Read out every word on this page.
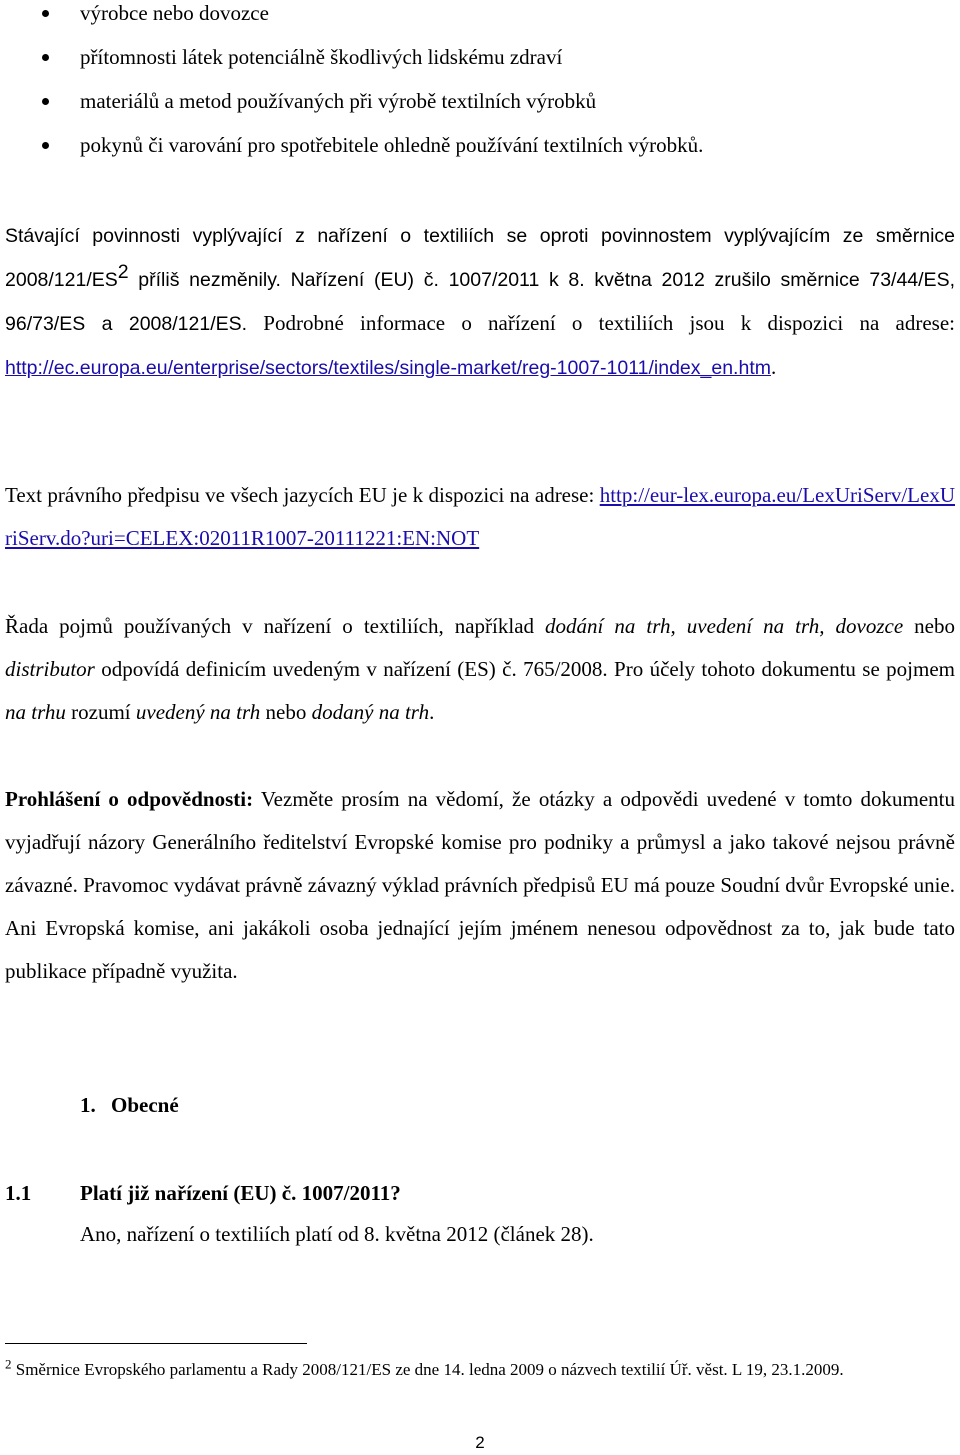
výrobce nebo dovozce
přítomnosti látek potenciálně škodlivých lidskému zdraví
materiálů a metod používaných při výrobě textilních výrobků
pokynů či varování pro spotřebitele ohledně používání textilních výrobků.

Stávající povinnosti vyplývající z nařízení o textiliích se oproti povinnostem vyplývajícím ze směrnice $2008/121/ES^2$ příliš nezměnily. Nařízení (EU) č. 1007/2011 k 8. května 2012 zrušilo směrnice 73/44/ES, 96/73/ES a 2008/121/ES. Podrobné informace o nařízení o textiliích jsou k dispozici na adrese: http://ec.europa.eu/enterprise/sectors/textiles/single-market/reg-1007-1011/index_en.htm.

Text právního předpisu ve všech jazycích EU je k dispozici na adrese: http://eur-lex.europa.eu/LexUriServ/LexUriServ.do?uri=CELEX:02011R1007-20111221:EN:NOT

Řada pojmů používaných v nařízení o textiliích, například dodání na trh, uvedení na trh, dovozce nebo distributor odpovídá definicím uvedeným v nařízení (ES) č. 765/2008. Pro účely tohoto dokumentu se pojmem na trhu rozumí uvedený na trh nebo dodaný na trh.

Prohlášení o odpovědnosti: Vezměte prosím na vědomí, že otázky a odpovědi uvedené v tomto dokumentu vyjadřují názory Generálního ředitelství Evropské komise pro podniky a průmysl a jako takové nejsou právně závazné. Pravomoc vydávat právně závazný výklad právních předpisů EU má pouze Soudní dvůr Evropské unie. Ani Evropská komise, ani jakákoli osoba jednající jejím jménem nenesou odpovědnost za to, jak bude tato publikace případně využita.

1. Obecné
1.1 Platí již nařízení (EU) č. 1007/2011?
Ano, nařízení o textiliích platí od 8. května 2012 (článek 28).
$^2$ Směrnice Evropského parlamentu a Rady 2008/121/ES ze dne 14. ledna 2009 o názvech textilií Úř. věst. L 19, 23.1.2009.
2
